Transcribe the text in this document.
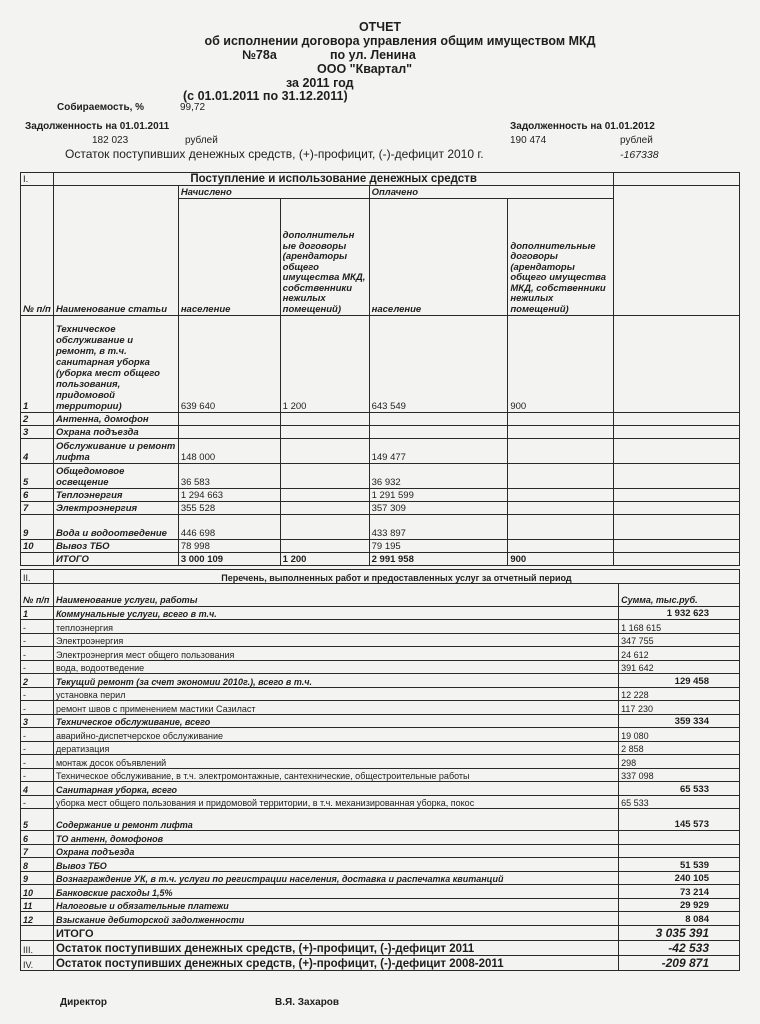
ОТЧЕТ
об исполнении договора управления общим имуществом МКД
№78а	по ул. Ленина
ООО "Квартал"
за 2011 год
(с 01.01.2011 по 31.12.2011)
Собираемость, %	99,72
Задолженность на 01.01.2011
182 023	рублей
Задолженность на 01.01.2012
190 474	рублей
Остаток поступивших денежных средств, (+)-профицит, (-)-дефицит 2010 г.	-167338
I.	Поступление и использование денежных средств					
№ п/п	Наименование статьи	Начислено		Оплачено		
		население	дополнительн ые договоры (арендаторы общего имущества МКД, собственники нежилых помещений)	население	дополнительные договоры (арендаторы общего имущества МКД, собственники нежилых помещений)	
1	Техническое обслуживание и ремонт, в т.ч. санитарная уборка (уборка мест общего пользования, придомовой территории)	639 640	1 200	643 549	900	
2	Антенна, домофон					
3	Охрана подъезда					
4	Обслуживание и ремонт лифта	148 000		149 477		
5	Общедомовое освещение	36 583		36 932		
6	Теплоэнергия	1 294 663		1 291 599		
7	Электроэнергия	355 528		357 309		
9	Вода и водоотведение	446 698		433 897		
10	Вывоз ТБО	78 998		79 195		
	ИТОГО	3 000 109	1 200	2 991 958	900	
II.	Перечень, выполненных работ и предоставленных услуг за отчетный период	
№ п/п	Наименование услуги, работы	Сумма, тыс.руб.
1	Коммунальные услуги, всего в т.ч.	1 932 623
-	теплоэнергия	1 168 615
-	Электроэнергия	347 755
-	Электроэнергия мест общего пользования	24 612
-	вода, водоотведение	391 642
2	Текущий ремонт (за счет экономии 2010г.), всего в т.ч.	129 458
-	установка перил	12 228
-	ремонт швов с применением мастики Сазиласт	117 230
3	Техническое обслуживание, всего	359 334
-	аварийно-диспетчерское обслуживание	19 080
-	дератизация	2 858
-	монтаж досок объявлений	298
-	Техническое обслуживание, в т.ч. электромонтажные, сантехнические, общестроительные работы	337 098
4	Санитарная уборка, всего	65 533
-	уборка мест общего пользования и придомовой территории, в т.ч. механизированная уборка, покос	65 533
5	Содержание и ремонт лифта	145 573
6	ТО антенн, домофонов	
7	Охрана подъезда	
8	Вывоз ТБО	51 539
9	Вознаграждение УК, в т.ч. услуги по регистрации населения, доставка и распечатка квитанций	240 105
10	Банковские расходы 1,5%	73 214
11	Налоговые и обязательные платежи	29 929
12	Взыскание дебиторской задолженности	8 084
	ИТОГО	3 035 391
III.	Остаток поступивших денежных средств, (+)-профицит, (-)-дефицит 2011	-42 533
IV.	Остаток поступивших денежных средств, (+)-профицит, (-)-дефицит 2008-2011	-209 871
Директор	В.Я. Захаров
